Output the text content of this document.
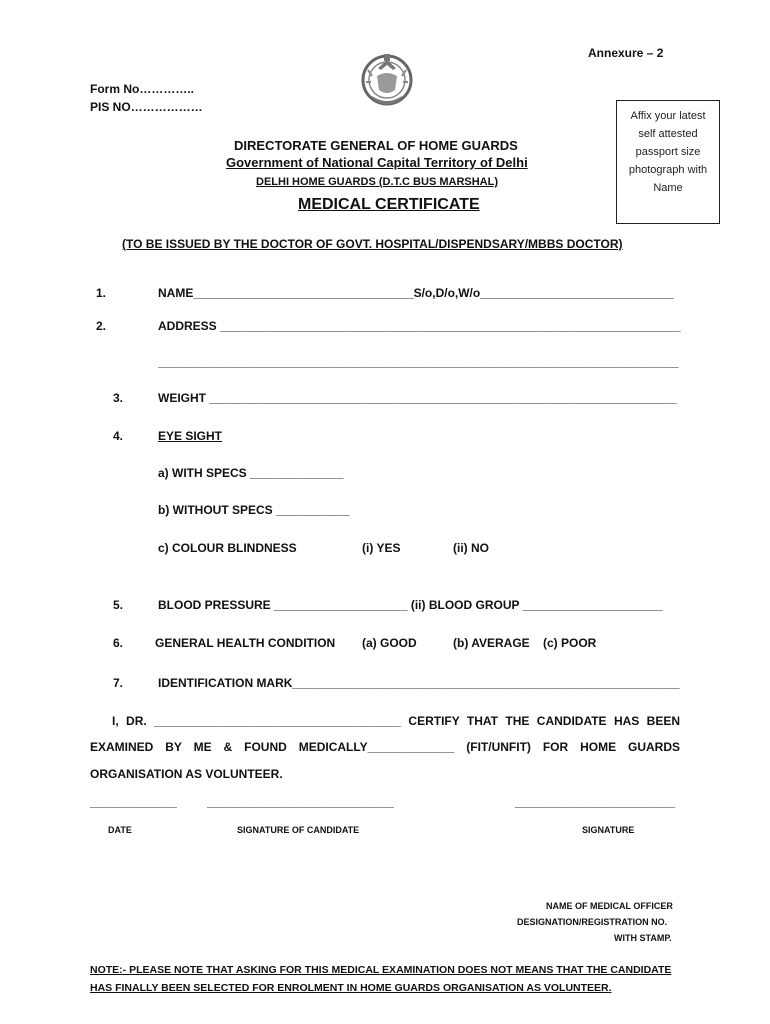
Annexure – 2
Form No…………..
PIS NO………………
Affix your latest
self attested
passport size
photograph with
Name
DIRECTORATE GENERAL OF HOME GUARDS
Government of National Capital Territory of Delhi
DELHI HOME GUARDS (D.T.C BUS MARSHAL)
MEDICAL CERTIFICATE
(TO BE ISSUED BY THE DOCTOR OF GOVT. HOSPITAL/DISPENDSARY/MBBS DOCTOR)
1.	NAME_________________________________S/o,D/o,W/o_____________________________
2.	ADDRESS _____________________________________________________________________
______________________________________________________________________________
3.	WEIGHT ______________________________________________________________________
4.	EYE SIGHT
a) WITH SPECS ______________
b) WITHOUT SPECS ___________
c) COLOUR BLINDNESS	(i) YES	(ii) NO
5.	BLOOD PRESSURE ____________________ (ii) BLOOD GROUP _____________________
6.	GENERAL HEALTH CONDITION (a) GOOD	(b) AVERAGE (c) POOR
7.	IDENTIFICATION MARK__________________________________________________________
I, DR. _____________________________________ CERTIFY THAT THE CANDIDATE HAS BEEN
EXAMINED BY ME & FOUND MEDICALLY_____________ (FIT/UNFIT) FOR HOME GUARDS
ORGANISATION AS VOLUNTEER.
_____________	____________________________	________________________
DATE	SIGNATURE OF CANDIDATE	SIGNATURE
NAME OF MEDICAL OFFICER
DESIGNATION/REGISTRATION NO.
WITH STAMP.
NOTE:- PLEASE NOTE THAT ASKING FOR THIS MEDICAL EXAMINATION DOES NOT MEANS THAT THE CANDIDATE
HAS FINALLY BEEN SELECTED FOR ENROLMENT IN HOME GUARDS ORGANISATION AS VOLUNTEER.
